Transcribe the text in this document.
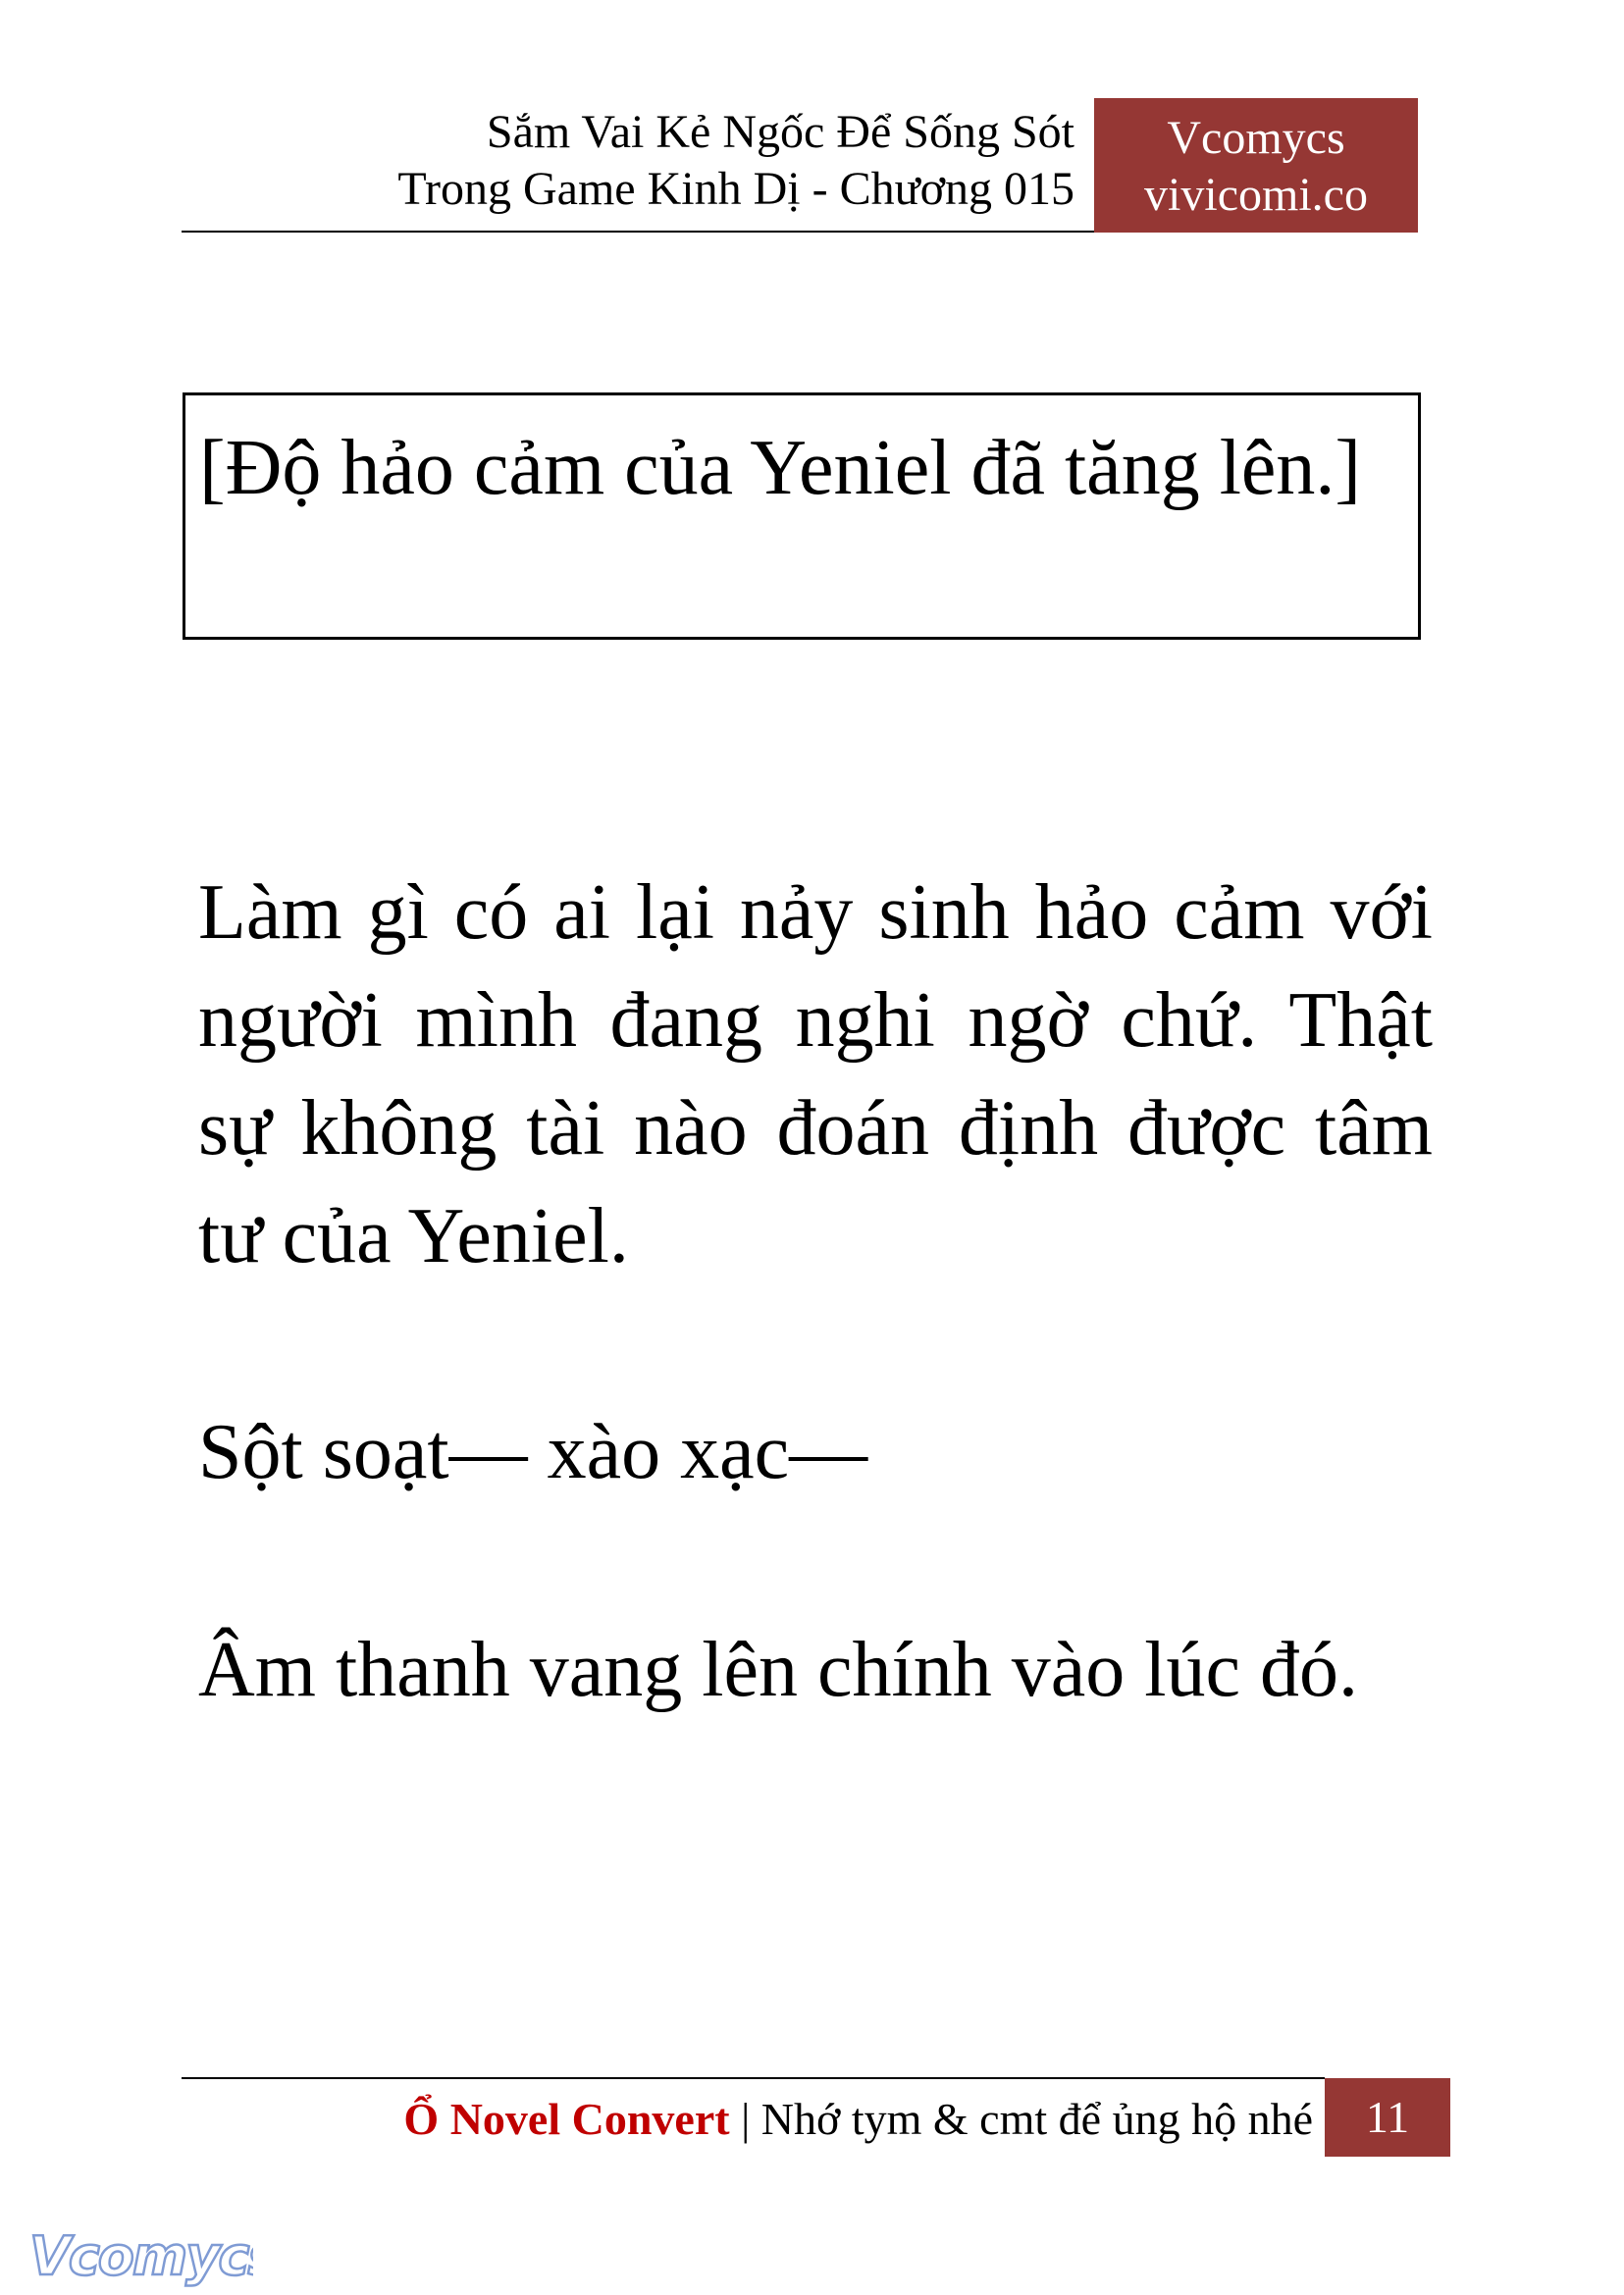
Sắm Vai Kẻ Ngốc Để Sống Sót
Trong Game Kinh Dị - Chương 015
Vcomycs
vivicomi.co
[Độ hảo cảm của Yeniel đã tăng lên.]
Làm gì có ai lại nảy sinh hảo cảm với người mình đang nghi ngờ chứ. Thật sự không tài nào đoán định được tâm tư của Yeniel.
Sột soạt— xào xạc—
Âm thanh vang lên chính vào lúc đó.
Ổ Novel Convert | Nhớ tym & cmt để ủng hộ nhé	11
Vcomycs
